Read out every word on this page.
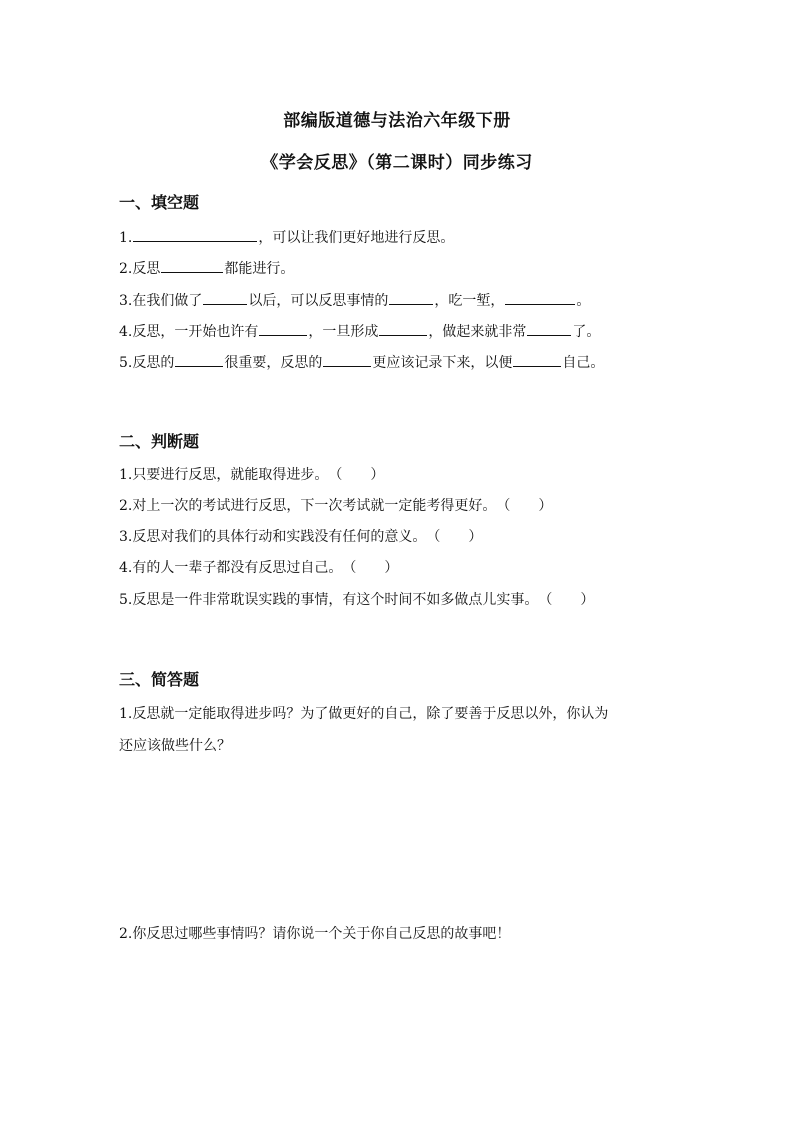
部编版道德与法治六年级下册
《学会反思》（第二课时）同步练习
一、填空题
1.	，可以让我们更好地进行反思。
2.反思	都能进行。
3.在我们做了	以后，可以反思事情的	，吃一堑，	。
4.反思，一开始也许有	，一旦形成	，做起来就非常	了。
5.反思的	很重要，反思的	更应该记录下来，以便	自己。
二、判断题
1.只要进行反思，就能取得进步。（　　）
2.对上一次的考试进行反思，下一次考试就一定能考得更好。（　　）
3.反思对我们的具体行动和实践没有任何的意义。（　　）
4.有的人一辈子都没有反思过自己。（　　）
5.反思是一件非常耽误实践的事情，有这个时间不如多做点儿实事。（　　）
三、简答题
1.反思就一定能取得进步吗？为了做更好的自己，除了要善于反思以外，你认为
还应该做些什么？
2.你反思过哪些事情吗？请你说一个关于你自己反思的故事吧！
